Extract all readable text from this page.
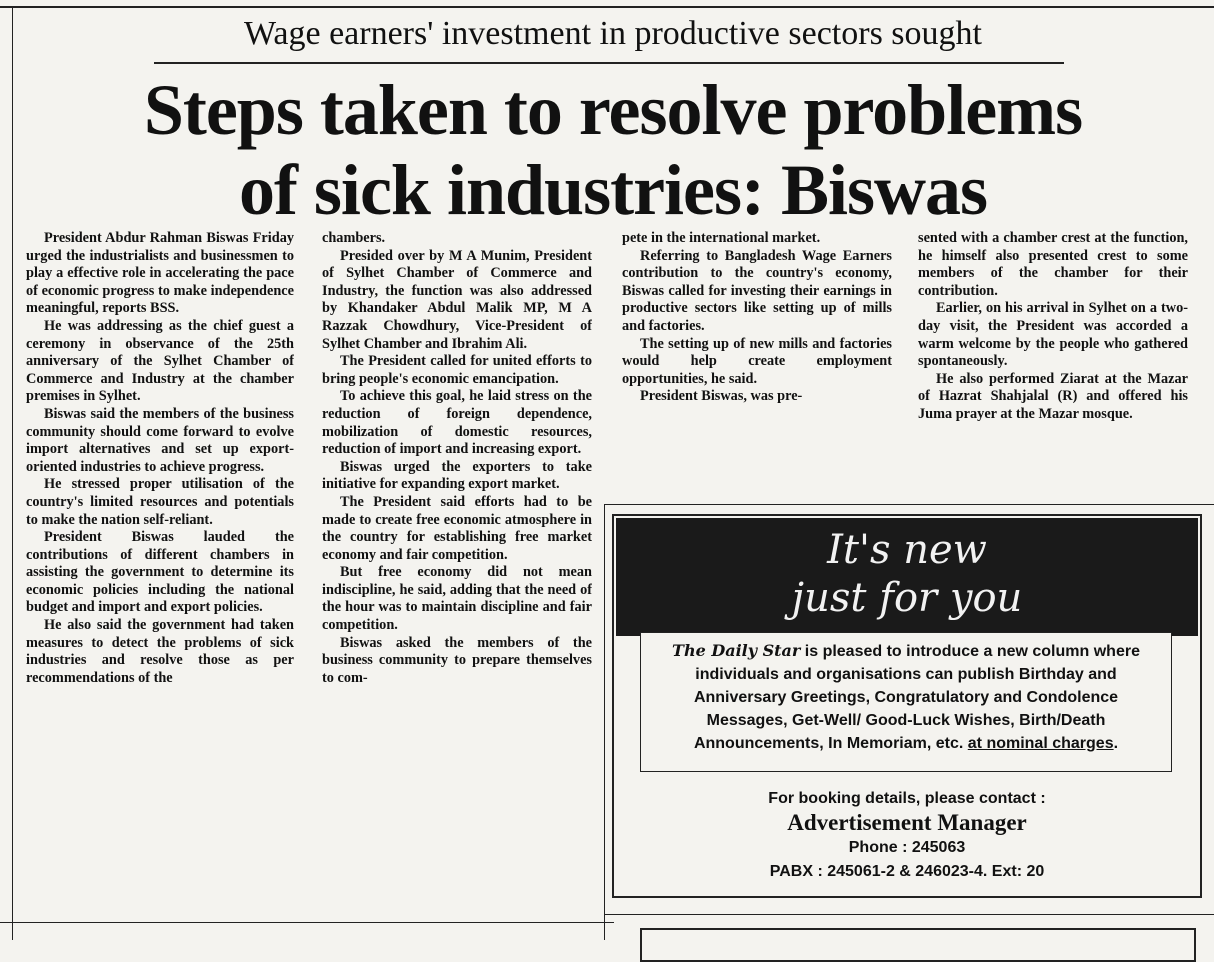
Wage earners' investment in productive sectors sought
Steps taken to resolve problems
of sick industries: Biswas

President Abdur Rahman Biswas Friday urged the industrialists and businessmen to play a effective role in accelerating the pace of economic progress to make independence meaningful, reports BSS.

He was addressing as the chief guest a ceremony in observance of the 25th anniversary of the Sylhet Chamber of Commerce and Industry at the chamber premises in Sylhet.

Biswas said the members of the business community should come forward to evolve import alternatives and set up export-oriented industries to achieve progress.

He stressed proper utilisation of the country's limited resources and potentials to make the nation self-reliant.

President Biswas lauded the contributions of different chambers in assisting the government to determine its economic policies including the national budget and import and export policies.

He also said the government had taken measures to detect the problems of sick industries and resolve those as per recommendations of the

chambers.

Presided over by M A Munim, President of Sylhet Chamber of Commerce and Industry, the function was also addressed by Khandaker Abdul Malik MP, M A Razzak Chowdhury, Vice-President of Sylhet Chamber and Ibrahim Ali.

The President called for united efforts to bring people's economic emancipation.

To achieve this goal, he laid stress on the reduction of foreign dependence, mobilization of domestic resources, reduction of import and increasing export.

Biswas urged the exporters to take initiative for expanding export market.

The President said efforts had to be made to create free economic atmosphere in the country for establishing free market economy and fair competition.

But free economy did not mean indiscipline, he said, adding that the need of the hour was to maintain discipline and fair competition.

Biswas asked the members of the business community to prepare themselves to com-

pete in the international market.

Referring to Bangladesh Wage Earners contribution to the country's economy, Biswas called for investing their earnings in productive sectors like setting up of mills and factories.

The setting up of new mills and factories would help create employment opportunities, he said.

President Biswas, was pre-

sented with a chamber crest at the function, he himself also presented crest to some members of the chamber for their contribution.

Earlier, on his arrival in Sylhet on a two-day visit, the President was accorded a warm welcome by the people who gathered spontaneously.

He also performed Ziarat at the Mazar of Hazrat Shahjalal (R) and offered his Juma prayer at the Mazar mosque.

It's new
just for you
The Daily Star is pleased to introduce a new column where individuals and organisations can publish Birthday and Anniversary Greetings, Congratulatory and Condolence Messages, Get-Well/ Good-Luck Wishes, Birth/Death Announcements, In Memoriam, etc. at nominal charges.
For booking details, please contact :
Advertisement Manager
Phone : 245063
PABX : 245061-2 & 246023-4. Ext: 20
